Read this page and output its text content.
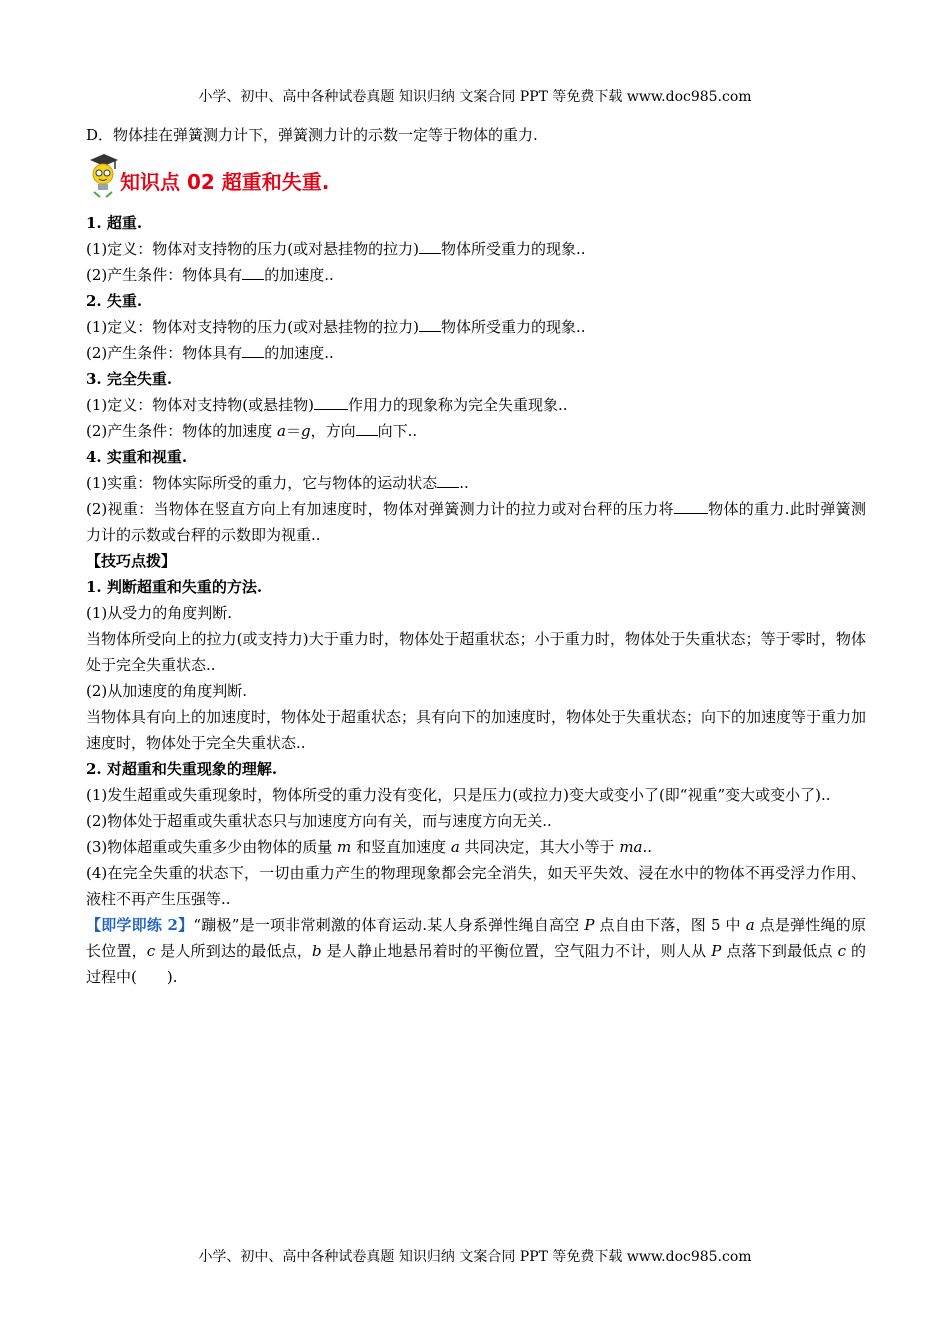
小学、初中、高中各种试卷真题 知识归纳 文案合同 PPT 等免费下载 www.doc985.com
D．物体挂在弹簧测力计下，弹簧测力计的示数一定等于物体的重力.
知识点 02 超重和失重.
1. 超重.
(1)定义：物体对支持物的压力(或对悬挂物的拉力) 物体所受重力的现象..
(2)产生条件：物体具有 的加速度..
2. 失重.
(1)定义：物体对支持物的压力(或对悬挂物的拉力) 物体所受重力的现象..
(2)产生条件：物体具有 的加速度..
3. 完全失重.
(1)定义：物体对支持物(或悬挂物) 作用力的现象称为完全失重现象..
(2)产生条件：物体的加速度 a＝g，方向 向下..
4. 实重和视重.
(1)实重：物体实际所受的重力，它与物体的运动状态 ..
(2)视重：当物体在竖直方向上有加速度时，物体对弹簧测力计的拉力或对台秤的压力将 物体的重力.此时弹簧测力计的示数或台秤的示数即为视重..
【技巧点拨】
1. 判断超重和失重的方法.
(1)从受力的角度判断.
当物体所受向上的拉力(或支持力)大于重力时，物体处于超重状态；小于重力时，物体处于失重状态；等于零时，物体处于完全失重状态..
(2)从加速度的角度判断.
当物体具有向上的加速度时，物体处于超重状态；具有向下的加速度时，物体处于失重状态；向下的加速度等于重力加速度时，物体处于完全失重状态..
2. 对超重和失重现象的理解.
(1)发生超重或失重现象时，物体所受的重力没有变化，只是压力(或拉力)变大或变小了(即“视重”变大或变小了)..
(2)物体处于超重或失重状态只与加速度方向有关，而与速度方向无关..
(3)物体超重或失重多少由物体的质量 m 和竖直加速度 a 共同决定，其大小等于 ma..
(4)在完全失重的状态下，一切由重力产生的物理现象都会完全消失，如天平失效、浸在水中的物体不再受浮力作用、液柱不再产生压强等..
【即学即练 2】“蹦极”是一项非常刺激的体育运动.某人身系弹性绳自高空 P 点自由下落，图 5 中 a 点是弹性绳的原长位置，c 是人所到达的最低点，b 是人静止地悬吊着时的平衡位置，空气阻力不计，则人从 P 点落下到最低点 c 的过程中(　　).
小学、初中、高中各种试卷真题 知识归纳 文案合同 PPT 等免费下载 www.doc985.com
